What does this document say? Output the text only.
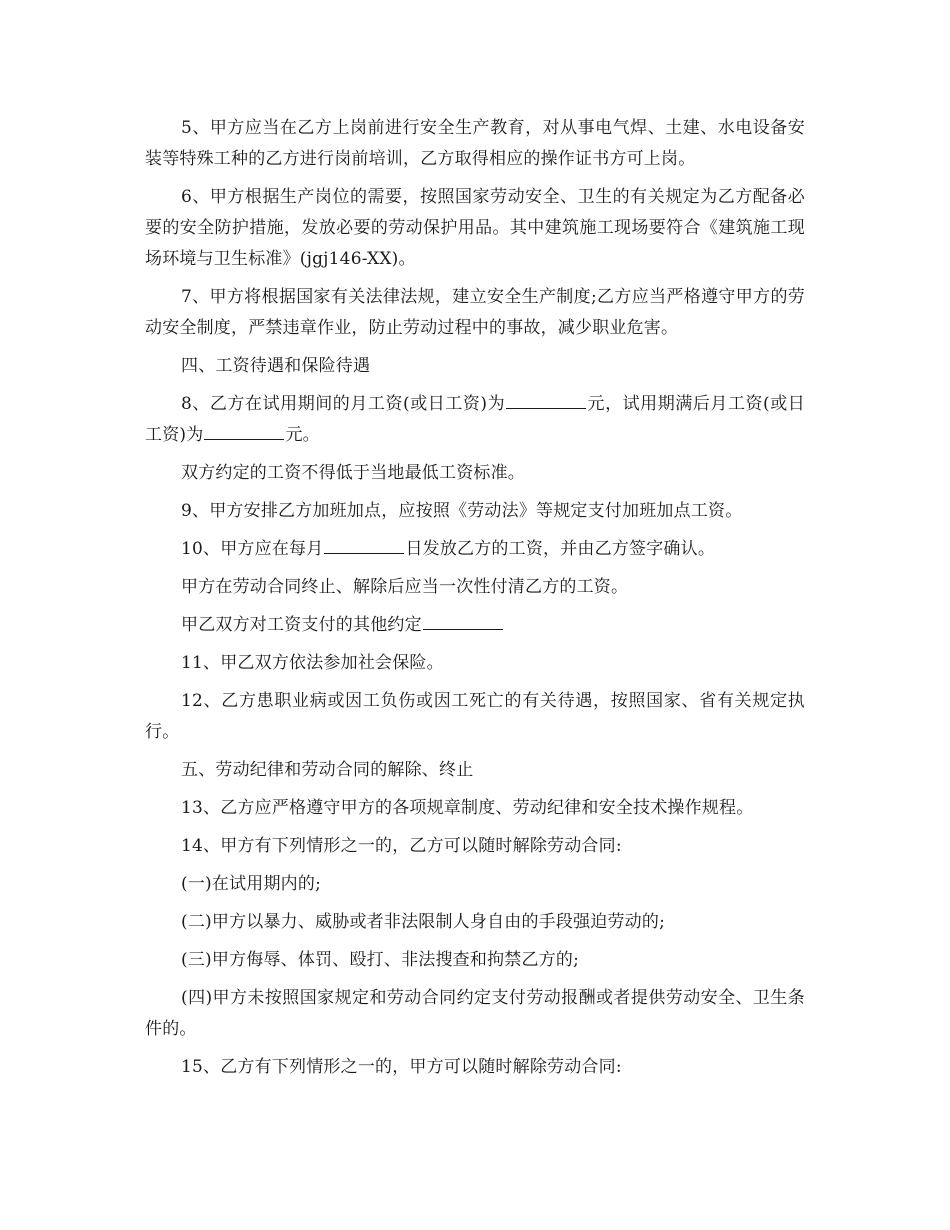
5、甲方应当在乙方上岗前进行安全生产教育，对从事电气焊、土建、水电设备安装等特殊工种的乙方进行岗前培训，乙方取得相应的操作证书方可上岗。

6、甲方根据生产岗位的需要，按照国家劳动安全、卫生的有关规定为乙方配备必要的安全防护措施，发放必要的劳动保护用品。其中建筑施工现场要符合《建筑施工现场环境与卫生标准》(jgj146-XX)。

7、甲方将根据国家有关法律法规，建立安全生产制度;乙方应当严格遵守甲方的劳动安全制度，严禁违章作业，防止劳动过程中的事故，减少职业危害。

四、工资待遇和保险待遇

8、乙方在试用期间的月工资(或日工资)为	元，试用期满后月工资(或日工资)为	元。

双方约定的工资不得低于当地最低工资标准。

9、甲方安排乙方加班加点，应按照《劳动法》等规定支付加班加点工资。

10、甲方应在每月	日发放乙方的工资，并由乙方签字确认。

甲方在劳动合同终止、解除后应当一次性付清乙方的工资。

甲乙双方对工资支付的其他约定

11、甲乙双方依法参加社会保险。

12、乙方患职业病或因工负伤或因工死亡的有关待遇，按照国家、省有关规定执行。

五、劳动纪律和劳动合同的解除、终止

13、乙方应严格遵守甲方的各项规章制度、劳动纪律和安全技术操作规程。

14、甲方有下列情形之一的，乙方可以随时解除劳动合同:

(一)在试用期内的;

(二)甲方以暴力、威胁或者非法限制人身自由的手段强迫劳动的;

(三)甲方侮辱、体罚、殴打、非法搜查和拘禁乙方的;

(四)甲方未按照国家规定和劳动合同约定支付劳动报酬或者提供劳动安全、卫生条件的。

15、乙方有下列情形之一的，甲方可以随时解除劳动合同:
